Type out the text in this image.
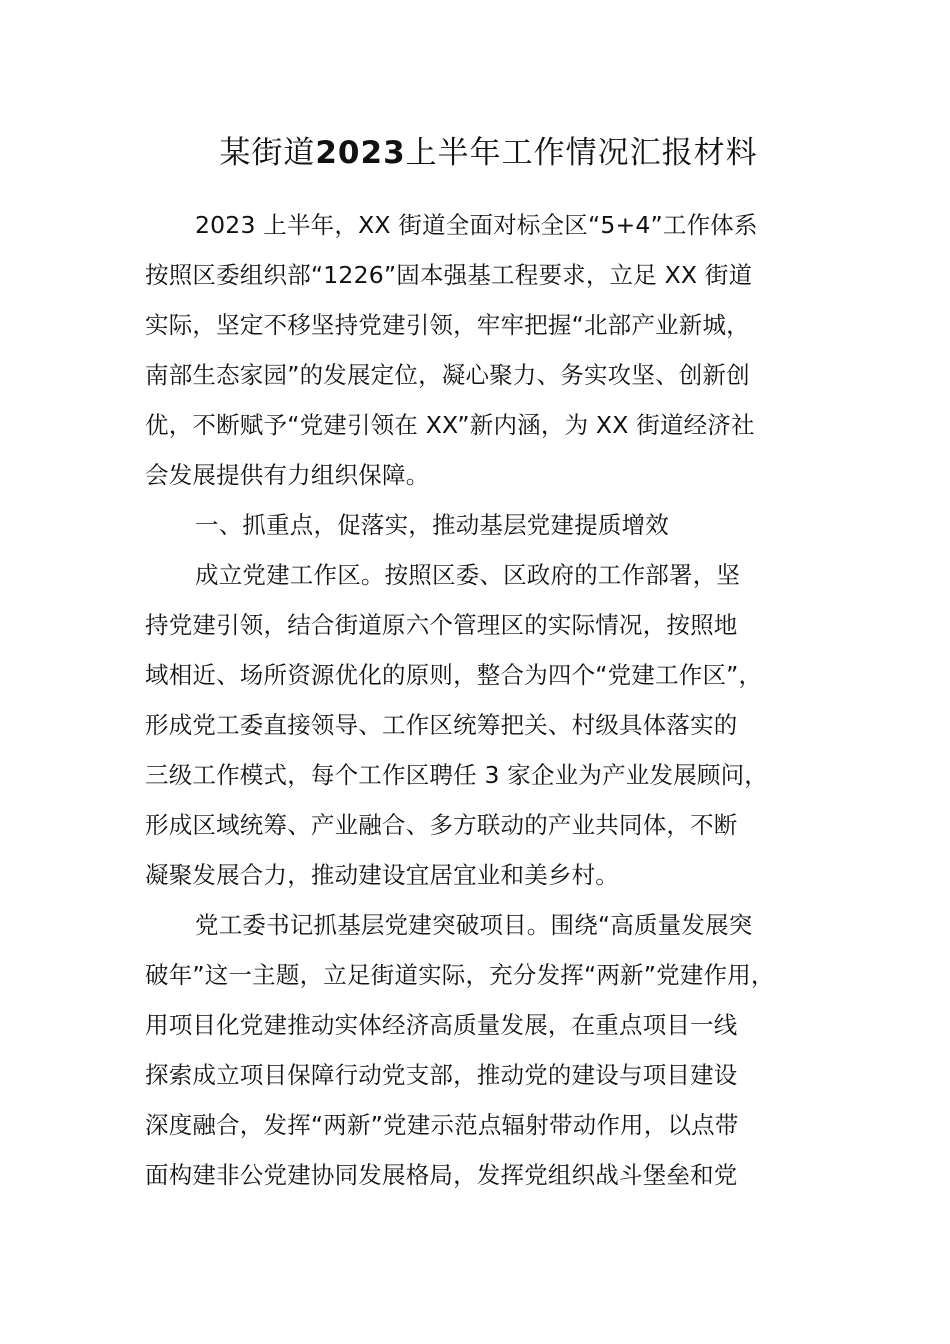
某街道2023上半年工作情况汇报材料
2023 上半年，XX 街道全面对标全区“5+4”工作体系
按照区委组织部“1226”固本强基工程要求，立足 XX 街道
实际，坚定不移坚持党建引领，牢牢把握“北部产业新城，
南部生态家园”的发展定位，凝心聚力、务实攻坚、创新创
优，不断赋予“党建引领在 XX”新内涵，为 XX 街道经济社
会发展提供有力组织保障。
一、抓重点，促落实，推动基层党建提质增效
成立党建工作区。按照区委、区政府的工作部署，坚
持党建引领，结合街道原六个管理区的实际情况，按照地
域相近、场所资源优化的原则，整合为四个“党建工作区”，
形成党工委直接领导、工作区统筹把关、村级具体落实的
三级工作模式，每个工作区聘任 3 家企业为产业发展顾问，
形成区域统筹、产业融合、多方联动的产业共同体，不断
凝聚发展合力，推动建设宜居宜业和美乡村。
党工委书记抓基层党建突破项目。围绕“高质量发展突
破年”这一主题，立足街道实际，充分发挥“两新”党建作用，
用项目化党建推动实体经济高质量发展，在重点项目一线
探索成立项目保障行动党支部，推动党的建设与项目建设
深度融合，发挥“两新”党建示范点辐射带动作用，以点带
面构建非公党建协同发展格局，发挥党组织战斗堡垒和党
